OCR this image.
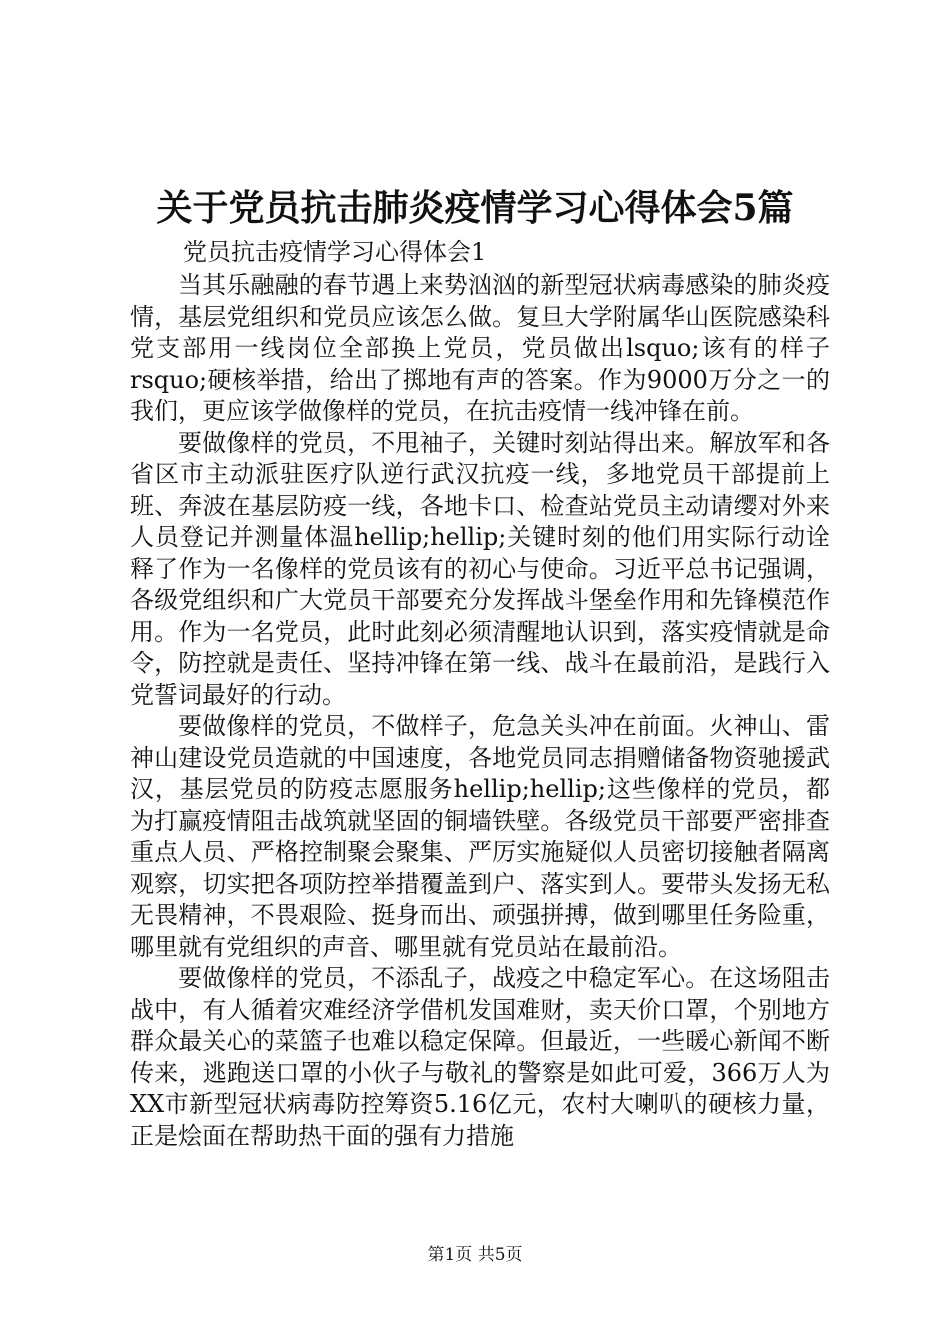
关于党员抗击肺炎疫情学习心得体会5篇
党员抗击疫情学习心得体会1

当其乐融融的春节遇上来势汹汹的新型冠状病毒感染的肺炎疫情，基层党组织和党员应该怎么做。复旦大学附属华山医院感染科党支部用一线岗位全部换上党员，党员做出lsquo;该有的样子rsquo;硬核举措，给出了掷地有声的答案。作为9000万分之一的我们，更应该学做像样的党员，在抗击疫情一线冲锋在前。

要做像样的党员，不甩袖子，关键时刻站得出来。解放军和各省区市主动派驻医疗队逆行武汉抗疫一线，多地党员干部提前上班、奔波在基层防疫一线，各地卡口、检查站党员主动请缨对外来人员登记并测量体温hellip;hellip;关键时刻的他们用实际行动诠释了作为一名像样的党员该有的初心与使命。习近平总书记强调，各级党组织和广大党员干部要充分发挥战斗堡垒作用和先锋模范作用。作为一名党员，此时此刻必须清醒地认识到，落实疫情就是命令，防控就是责任、坚持冲锋在第一线、战斗在最前沿，是践行入党誓词最好的行动。

要做像样的党员，不做样子，危急关头冲在前面。火神山、雷神山建设党员造就的中国速度，各地党员同志捐赠储备物资驰援武汉，基层党员的防疫志愿服务hellip;hellip;这些像样的党员，都为打赢疫情阻击战筑就坚固的铜墙铁壁。各级党员干部要严密排查重点人员、严格控制聚会聚集、严厉实施疑似人员密切接触者隔离观察，切实把各项防控举措覆盖到户、落实到人。要带头发扬无私无畏精神，不畏艰险、挺身而出、顽强拼搏，做到哪里任务险重，哪里就有党组织的声音、哪里就有党员站在最前沿。

要做像样的党员，不添乱子，战疫之中稳定军心。在这场阻击战中，有人循着灾难经济学借机发国难财，卖天价口罩，个别地方群众最关心的菜篮子也难以稳定保障。但最近，一些暖心新闻不断传来，逃跑送口罩的小伙子与敬礼的警察是如此可爱，366万人为XX市新型冠状病毒防控筹资5.16亿元，农村大喇叭的硬核力量，正是烩面在帮助热干面的强有力措施

第1页 共5页
